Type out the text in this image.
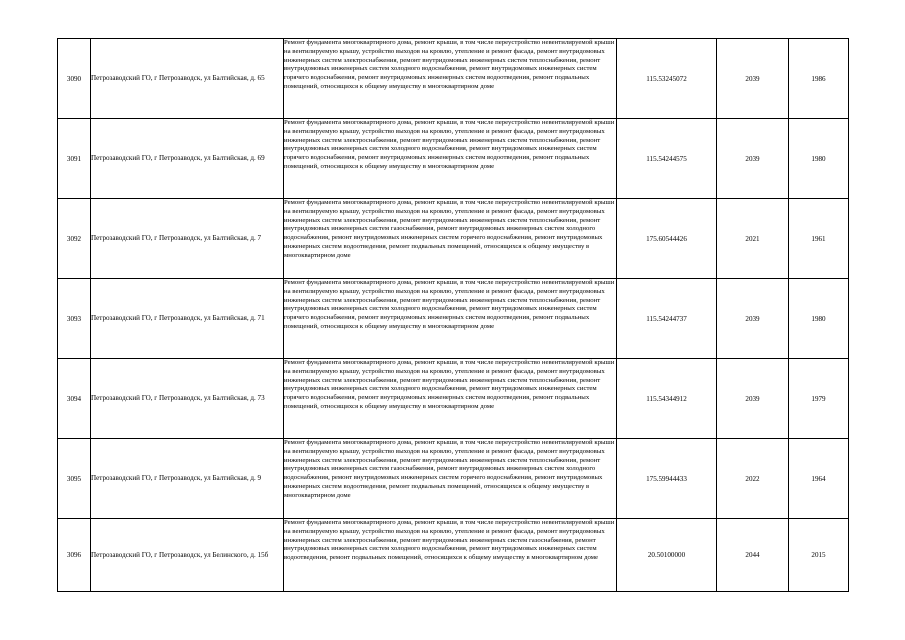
3090	Петрозаводский ГО, г Петрозаводск, ул Балтийская, д. 65	Ремонт фундамента многоквартирного дома, ремонт крыши, в том числе переустройство невентилируемой крыши на вентилируемую крышу, устройство выходов на кровлю, утепление и ремонт фасада, ремонт внутридомовых инженерных систем электроснабжения, ремонт внутридомовых инженерных систем теплоснабжения, ремонт внутридомовых инженерных систем холодного водоснабжения, ремонт внутридомовых инженерных систем горячего водоснабжения, ремонт внутридомовых инженерных систем водоотведения, ремонт подвальных помещений, относящихся к общему имуществу в многоквартирном доме	115.53245072	2039	1986
3091	Петрозаводский ГО, г Петрозаводск, ул Балтийская, д. 69	Ремонт фундамента многоквартирного дома, ремонт крыши, в том числе переустройство невентилируемой крыши на вентилируемую крышу, устройство выходов на кровлю, утепление и ремонт фасада, ремонт внутридомовых инженерных систем электроснабжения, ремонт внутридомовых инженерных систем теплоснабжения, ремонт внутридомовых инженерных систем холодного водоснабжения, ремонт внутридомовых инженерных систем горячего водоснабжения, ремонт внутридомовых инженерных систем водоотведения, ремонт подвальных помещений, относящихся к общему имуществу в многоквартирном доме	115.54244575	2039	1980
3092	Петрозаводский ГО, г Петрозаводск, ул Балтийская, д. 7	Ремонт фундамента многоквартирного дома, ремонт крыши, в том числе переустройство невентилируемой крыши на вентилируемую крышу, устройство выходов на кровлю, утепление и ремонт фасада, ремонт внутридомовых инженерных систем электроснабжения, ремонт внутридомовых инженерных систем теплоснабжения, ремонт внутридомовых инженерных систем газоснабжения, ремонт внутридомовых инженерных систем холодного водоснабжения, ремонт внутридомовых инженерных систем горячего водоснабжения, ремонт внутридомовых инженерных систем водоотведения, ремонт подвальных помещений, относящихся к общему имуществу в многоквартирном доме	175.60544426	2021	1961
3093	Петрозаводский ГО, г Петрозаводск, ул Балтийская, д. 71	Ремонт фундамента многоквартирного дома, ремонт крыши, в том числе переустройство невентилируемой крыши на вентилируемую крышу, устройство выходов на кровлю, утепление и ремонт фасада, ремонт внутридомовых инженерных систем электроснабжения, ремонт внутридомовых инженерных систем теплоснабжения, ремонт внутридомовых инженерных систем холодного водоснабжения, ремонт внутридомовых инженерных систем горячего водоснабжения, ремонт внутридомовых инженерных систем водоотведения, ремонт подвальных помещений, относящихся к общему имуществу в многоквартирном доме	115.54244737	2039	1980
3094	Петрозаводский ГО, г Петрозаводск, ул Балтийская, д. 73	Ремонт фундамента многоквартирного дома, ремонт крыши, в том числе переустройство невентилируемой крыши на вентилируемую крышу, устройство выходов на кровлю, утепление и ремонт фасада, ремонт внутридомовых инженерных систем электроснабжения, ремонт внутридомовых инженерных систем теплоснабжения, ремонт внутридомовых инженерных систем холодного водоснабжения, ремонт внутридомовых инженерных систем горячего водоснабжения, ремонт внутридомовых инженерных систем водоотведения, ремонт подвальных помещений, относящихся к общему имуществу в многоквартирном доме	115.54344912	2039	1979
3095	Петрозаводский ГО, г Петрозаводск, ул Балтийская, д. 9	Ремонт фундамента многоквартирного дома, ремонт крыши, в том числе переустройство невентилируемой крыши на вентилируемую крышу, устройство выходов на кровлю, утепление и ремонт фасада, ремонт внутридомовых инженерных систем электроснабжения, ремонт внутридомовых инженерных систем теплоснабжения, ремонт внутридомовых инженерных систем газоснабжения, ремонт внутридомовых инженерных систем холодного водоснабжения, ремонт внутридомовых инженерных систем горячего водоснабжения, ремонт внутридомовых инженерных систем водоотведения, ремонт подвальных помещений, относящихся к общему имуществу в многоквартирном доме	175.59944433	2022	1964
3096	Петрозаводский ГО, г Петрозаводск, ул Белинского, д. 15б	Ремонт фундамента многоквартирного дома, ремонт крыши, в том числе переустройство невентилируемой крыши на вентилируемую крышу, устройство выходов на кровлю, утепление и ремонт фасада, ремонт внутридомовых инженерных систем электроснабжения, ремонт внутридомовых инженерных систем газоснабжения, ремонт внутридомовых инженерных систем холодного водоснабжения, ремонт внутридомовых инженерных систем водоотведения, ремонт подвальных помещений, относящихся к общему имуществу в многоквартирном доме	20.50100000	2044	2015
